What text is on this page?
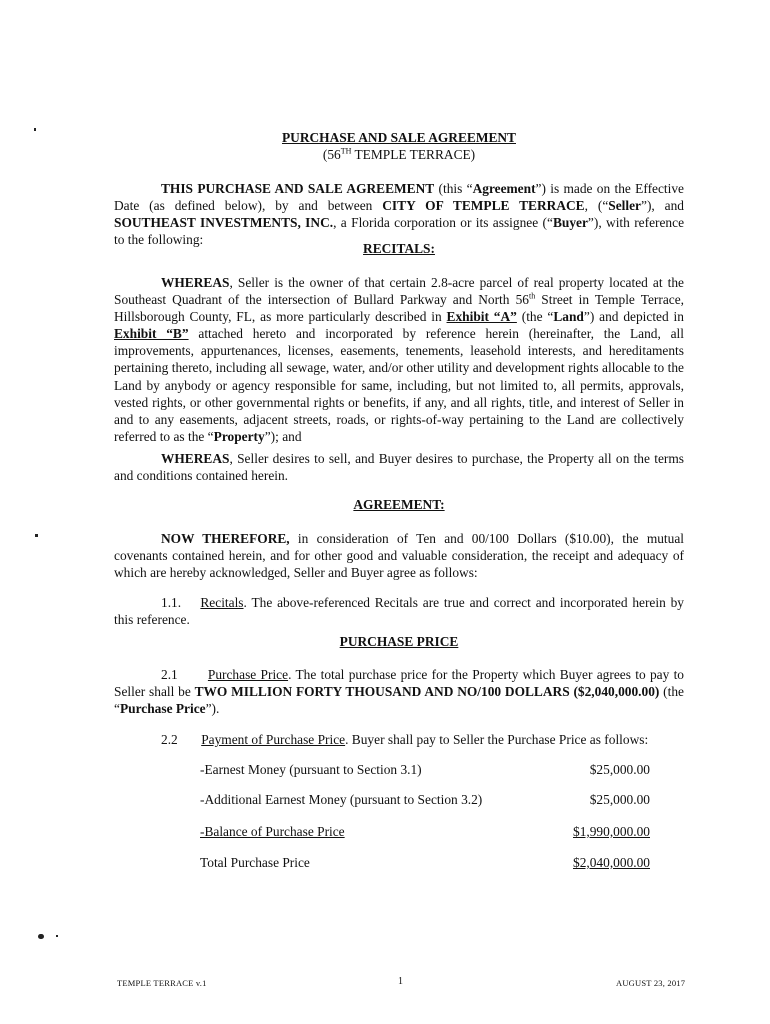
PURCHASE AND SALE AGREEMENT
(56TH TEMPLE TERRACE)
THIS PURCHASE AND SALE AGREEMENT (this “Agreement”) is made on the Effective Date (as defined below), by and between CITY OF TEMPLE TERRACE, (“Seller”), and SOUTHEAST INVESTMENTS, INC., a Florida corporation or its assignee (“Buyer”), with reference to the following:
RECITALS:
WHEREAS, Seller is the owner of that certain 2.8-acre parcel of real property located at the Southeast Quadrant of the intersection of Bullard Parkway and North 56th Street in Temple Terrace, Hillsborough County, FL, as more particularly described in Exhibit “A” (the “Land”) and depicted in Exhibit “B” attached hereto and incorporated by reference herein (hereinafter, the Land, all improvements, appurtenances, licenses, easements, tenements, leasehold interests, and hereditaments pertaining thereto, including all sewage, water, and/or other utility and development rights allocable to the Land by anybody or agency responsible for same, including, but not limited to, all permits, approvals, vested rights, or other governmental rights or benefits, if any, and all rights, title, and interest of Seller in and to any easements, adjacent streets, roads, or rights-of-way pertaining to the Land are collectively referred to as the “Property”); and
WHEREAS, Seller desires to sell, and Buyer desires to purchase, the Property all on the terms and conditions contained herein.
AGREEMENT:
NOW THEREFORE, in consideration of Ten and 00/100 Dollars ($10.00), the mutual covenants contained herein, and for other good and valuable consideration, the receipt and adequacy of which are hereby acknowledged, Seller and Buyer agree as follows:
1.1. Recitals. The above-referenced Recitals are true and correct and incorporated herein by this reference.
PURCHASE PRICE
2.1 Purchase Price. The total purchase price for the Property which Buyer agrees to pay to Seller shall be TWO MILLION FORTY THOUSAND AND NO/100 DOLLARS ($2,040,000.00) (the “Purchase Price”).
2.2 Payment of Purchase Price. Buyer shall pay to Seller the Purchase Price as follows:
-Earnest Money (pursuant to Section 3.1)	$25,000.00
-Additional Earnest Money (pursuant to Section 3.2)	$25,000.00
-Balance of Purchase Price	$1,990,000.00
Total Purchase Price	$2,040,000.00
TEMPLE TERRACE v.1	1	AUGUST 23, 2017
